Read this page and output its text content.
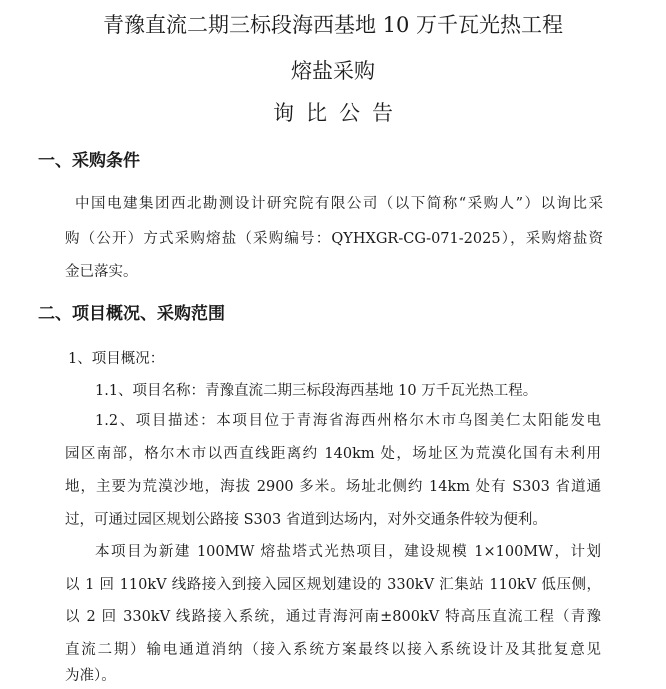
青豫直流二期三标段海西基地 10 万千瓦光热工程
熔盐采购
询比公告
一、采购条件
中国电建集团西北勘测设计研究院有限公司（以下简称“采购人”）以询比采
购（公开）方式采购熔盐（采购编号：QYHXGR-CG-071-2025），采购熔盐资
金已落实。
二、项目概况、采购范围
1、项目概况：
1.1、项目名称：青豫直流二期三标段海西基地 10 万千瓦光热工程。
1.2、项目描述：本项目位于青海省海西州格尔木市乌图美仁太阳能发电
园区南部，格尔木市以西直线距离约 140km 处，场址区为荒漠化国有未利用
地，主要为荒漠沙地，海拔 2900 多米。场址北侧约 14km 处有 S303 省道通
过，可通过园区规划公路接 S303 省道到达场内，对外交通条件较为便利。
本项目为新建 100MW 熔盐塔式光热项目，建设规模 1×100MW，计划
以 1 回 110kV 线路接入到接入园区规划建设的 330kV 汇集站 110kV 低压侧，
以 2 回 330kV 线路接入系统，通过青海河南±800kV 特高压直流工程（青豫
直流二期）输电通道消纳（接入系统方案最终以接入系统设计及其批复意见
为准）。
